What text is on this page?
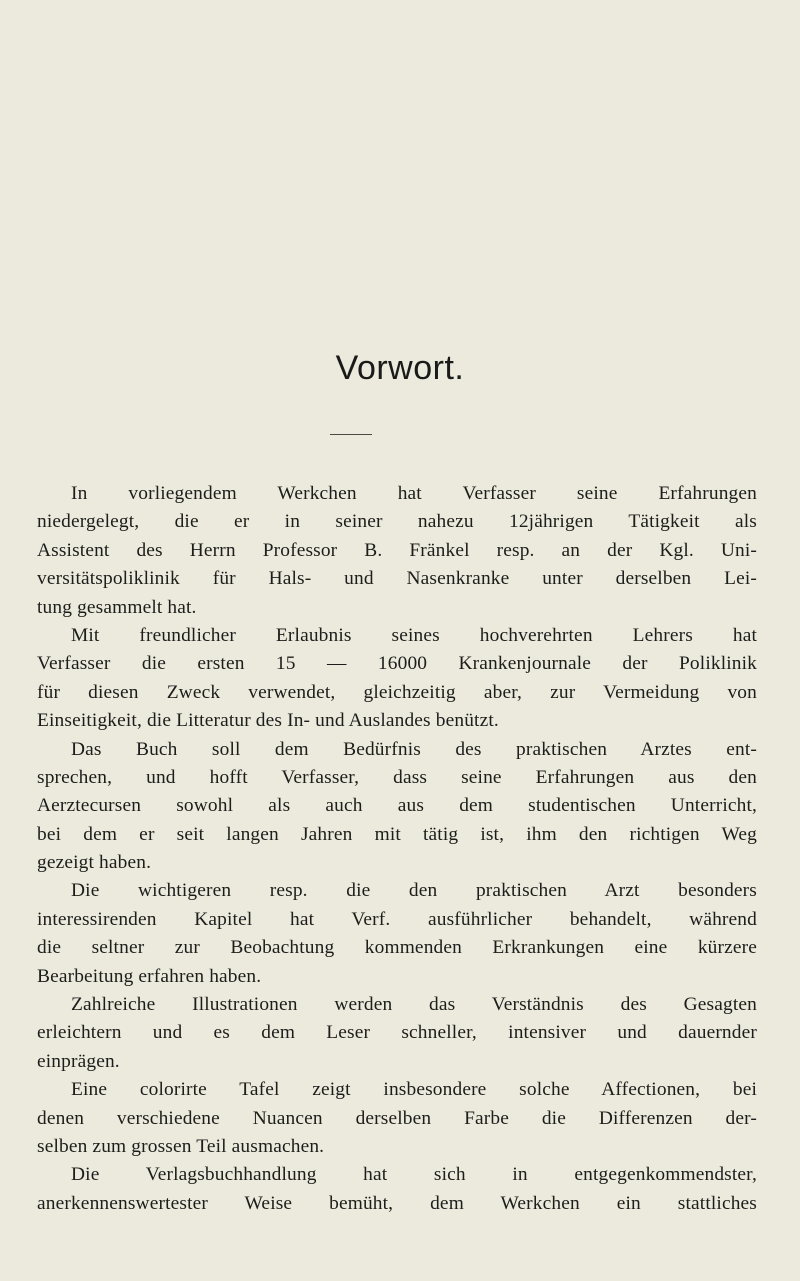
Vorwort.
In vorliegendem Werkchen hat Verfasser seine Erfahrungen
niedergelegt, die er in seiner nahezu 12jährigen Tätigkeit als
Assistent des Herrn Professor B. Fränkel resp. an der Kgl. Uni-
versitätspoliklinik für Hals- und Nasenkranke unter derselben Lei-
tung gesammelt hat.
Mit freundlicher Erlaubnis seines hochverehrten Lehrers hat
Verfasser die ersten 15 — 16000 Krankenjournale der Poliklinik
für diesen Zweck verwendet, gleichzeitig aber, zur Vermeidung von
Einseitigkeit, die Litteratur des In- und Auslandes benützt.
Das Buch soll dem Bedürfnis des praktischen Arztes ent-
sprechen, und hofft Verfasser, dass seine Erfahrungen aus den
Aerztecursen sowohl als auch aus dem studentischen Unterricht,
bei dem er seit langen Jahren mit tätig ist, ihm den richtigen Weg
gezeigt haben.
Die wichtigeren resp. die den praktischen Arzt besonders
interessirenden Kapitel hat Verf. ausführlicher behandelt, während
die seltner zur Beobachtung kommenden Erkrankungen eine kürzere
Bearbeitung erfahren haben.
Zahlreiche Illustrationen werden das Verständnis des Gesagten
erleichtern und es dem Leser schneller, intensiver und dauernder
einprägen.
Eine colorirte Tafel zeigt insbesondere solche Affectionen, bei
denen verschiedene Nuancen derselben Farbe die Differenzen der-
selben zum grossen Teil ausmachen.
Die Verlagsbuchhandlung hat sich in entgegenkommendster,
anerkennenswertester Weise bemüht, dem Werkchen ein stattliches
